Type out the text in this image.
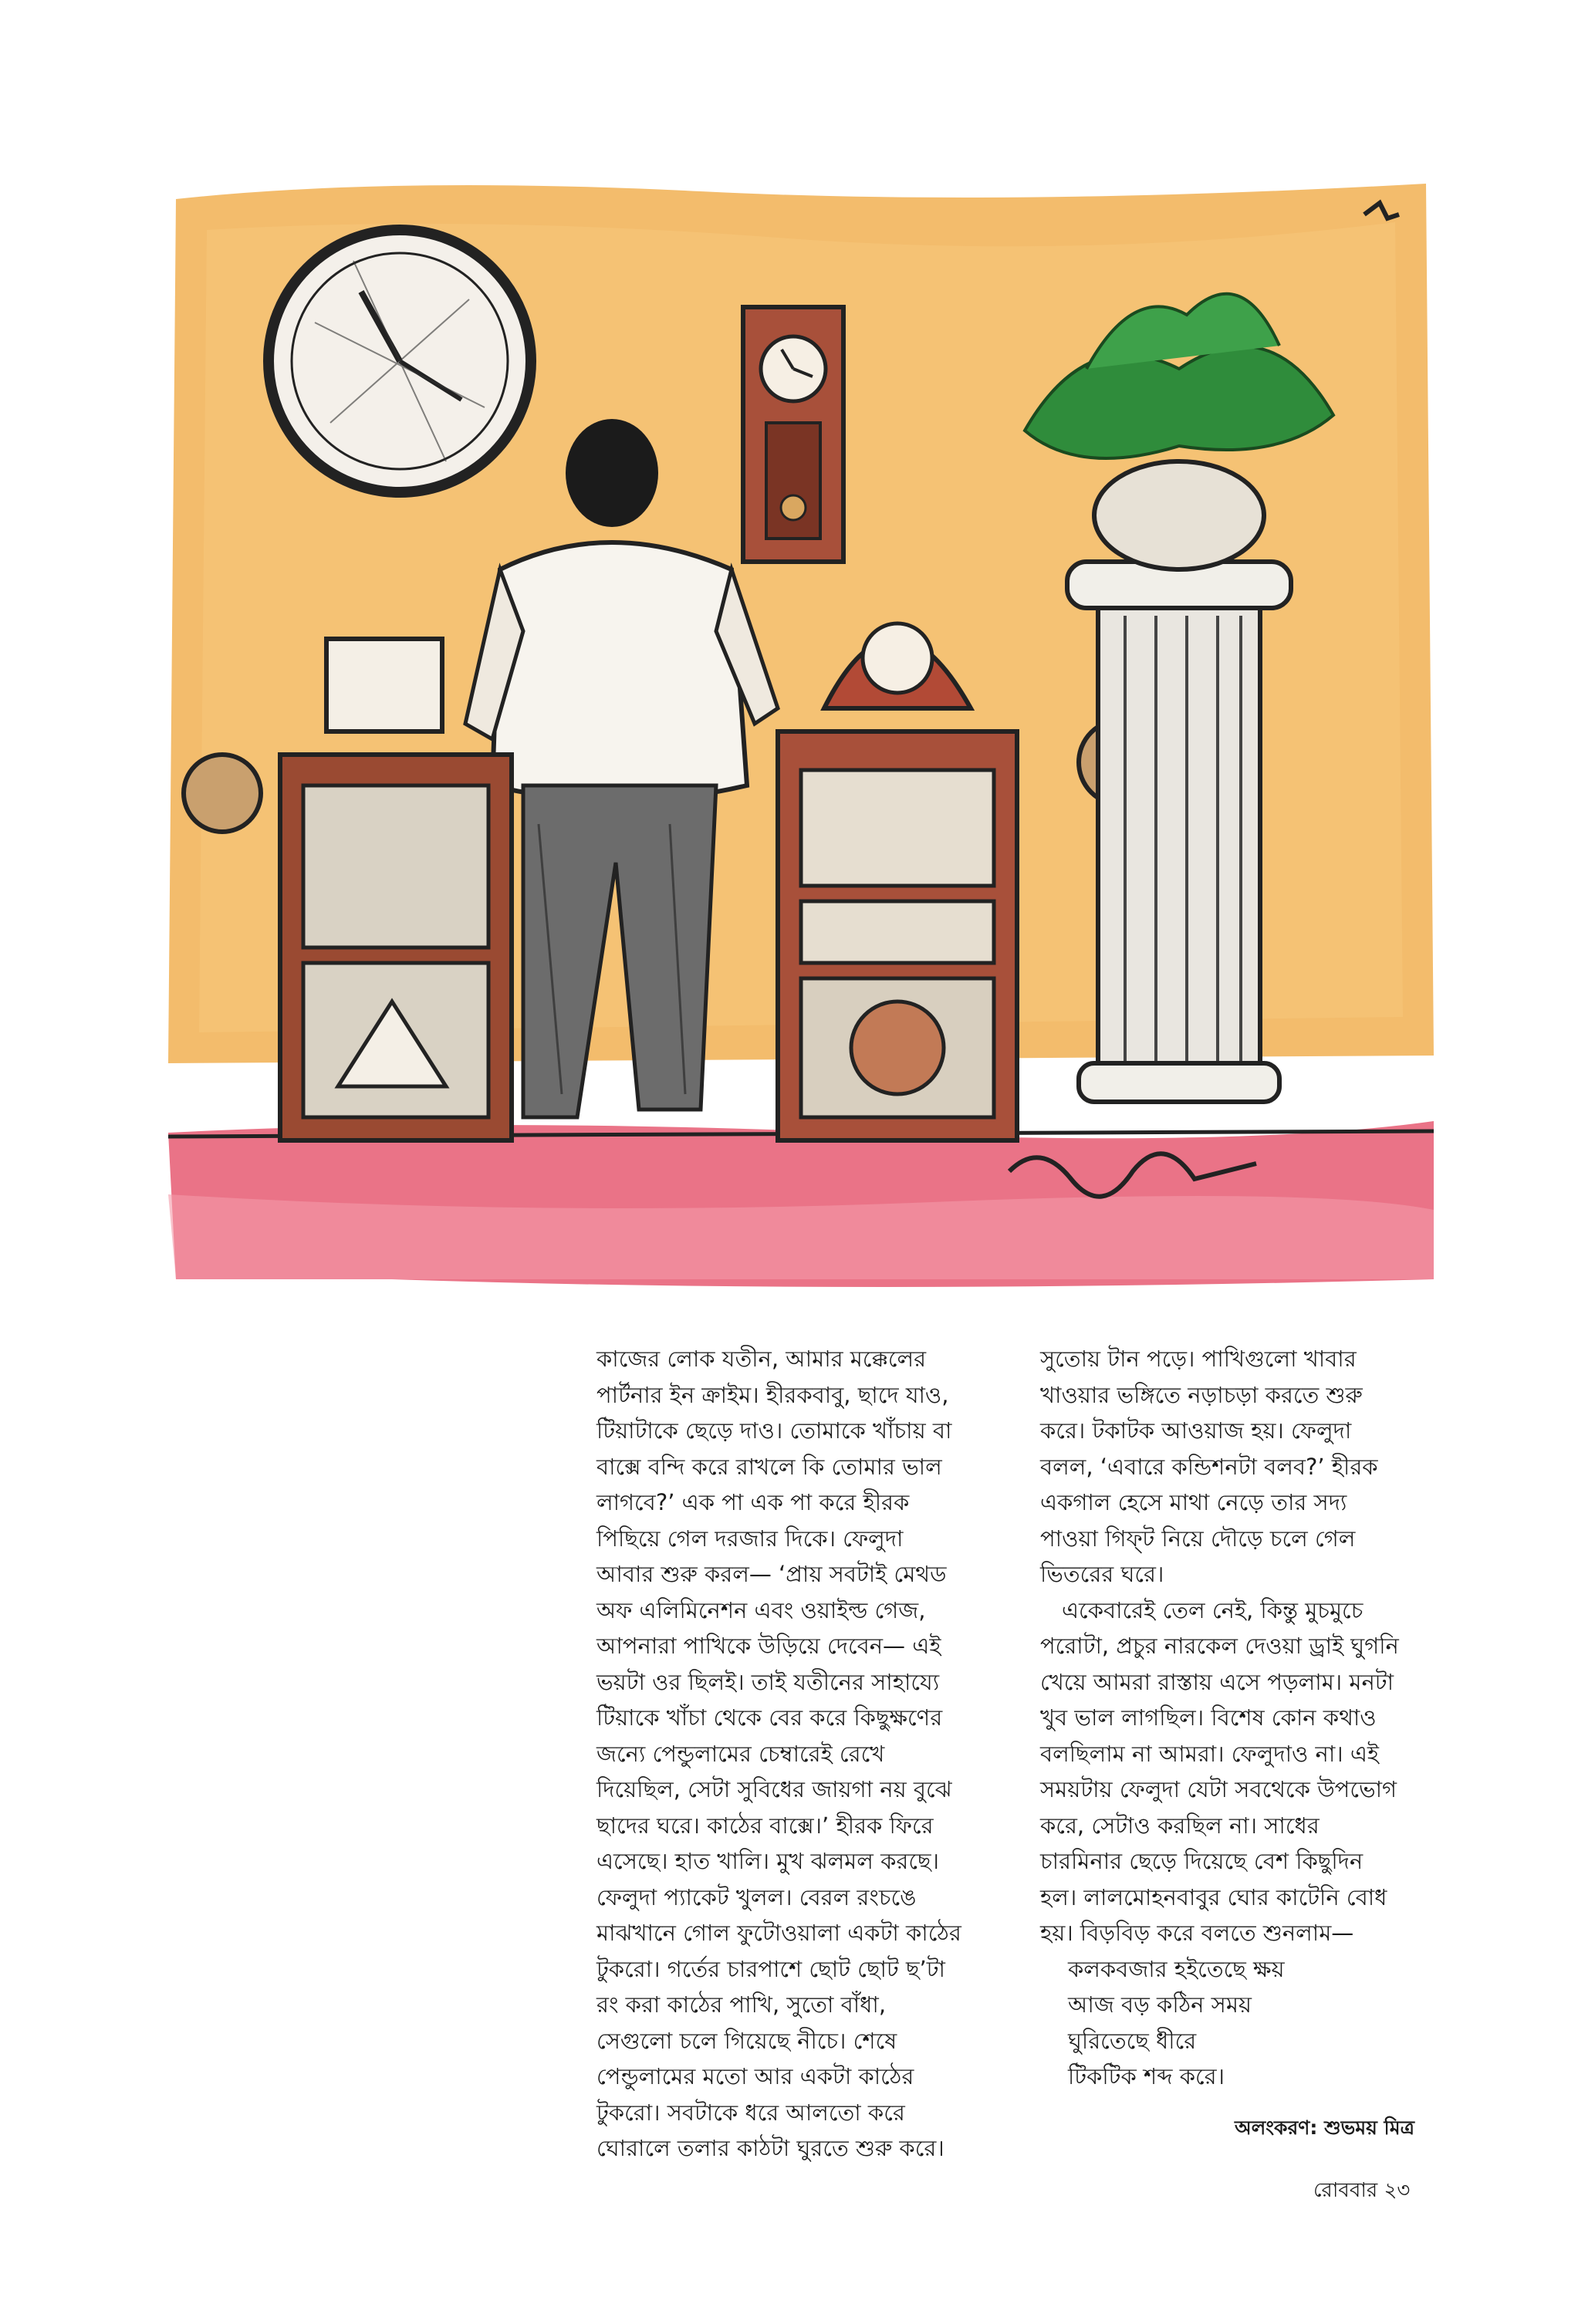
কাজের লোক যতীন, আমার মক্কেলের
পার্টনার ইন ক্রাইম। হীরকবাবু, ছাদে যাও,
টিয়াটাকে ছেড়ে দাও। তোমাকে খাঁচায় বা
বাক্সে বন্দি করে রাখলে কি তোমার ভাল
লাগবে?’ এক পা এক পা করে হীরক
পিছিয়ে গেল দরজার দিকে। ফেলুদা
আবার শুরু করল— ‘প্রায় সবটাই মেথড
অফ এলিমিনেশন এবং ওয়াইল্ড গেজ,
আপনারা পাখিকে উড়িয়ে দেবেন— এই
ভয়টা ওর ছিলই। তাই যতীনের সাহায্যে
টিয়াকে খাঁচা থেকে বের করে কিছুক্ষণের
জন্যে পেন্ডুলামের চেম্বারেই রেখে
দিয়েছিল, সেটা সুবিধের জায়গা নয় বুঝে
ছাদের ঘরে। কাঠের বাক্সে।’ হীরক ফিরে
এসেছে। হাত খালি। মুখ ঝলমল করছে।
ফেলুদা প্যাকেট খুলল। বেরল রংচঙে
মাঝখানে গোল ফুটোওয়ালা একটা কাঠের
টুকরো। গর্তের চারপাশে ছোট ছোট ছ’টা
রং করা কাঠের পাখি, সুতো বাঁধা,
সেগুলো চলে গিয়েছে নীচে। শেষে
পেন্ডুলামের মতো আর একটা কাঠের
টুকরো। সবটাকে ধরে আলতো করে
ঘোরালে তলার কাঠটা ঘুরতে শুরু করে।
সুতোয় টান পড়ে। পাখিগুলো খাবার
খাওয়ার ভঙ্গিতে নড়াচড়া করতে শুরু
করে। টকাটক আওয়াজ হয়। ফেলুদা
বলল, ‘এবারে কন্ডিশনটা বলব?’ হীরক
একগাল হেসে মাথা নেড়ে তার সদ্য
পাওয়া গিফ্‌ট নিয়ে দৌড়ে চলে গেল
ভিতরের ঘরে।
একেবারেই তেল নেই, কিন্তু মুচমুচে
পরোটা, প্রচুর নারকেল দেওয়া ড্রাই ঘুগনি
খেয়ে আমরা রাস্তায় এসে পড়লাম। মনটা
খুব ভাল লাগছিল। বিশেষ কোন কথাও
বলছিলাম না আমরা। ফেলুদাও না। এই
সময়টায় ফেলুদা যেটা সবথেকে উপভোগ
করে, সেটাও করছিল না। সাধের
চারমিনার ছেড়ে দিয়েছে বেশ কিছুদিন
হল। লালমোহনবাবুর ঘোর কাটেনি বোধ
হয়। বিড়বিড় করে বলতে শুনলাম—
কলকবজার হইতেছে ক্ষয়
আজ বড় কঠিন সময়
ঘুরিতেছে ধীরে
টিকটিক শব্দ করে।
অলংকরণ: শুভময় মিত্র
রোববার ২৩
